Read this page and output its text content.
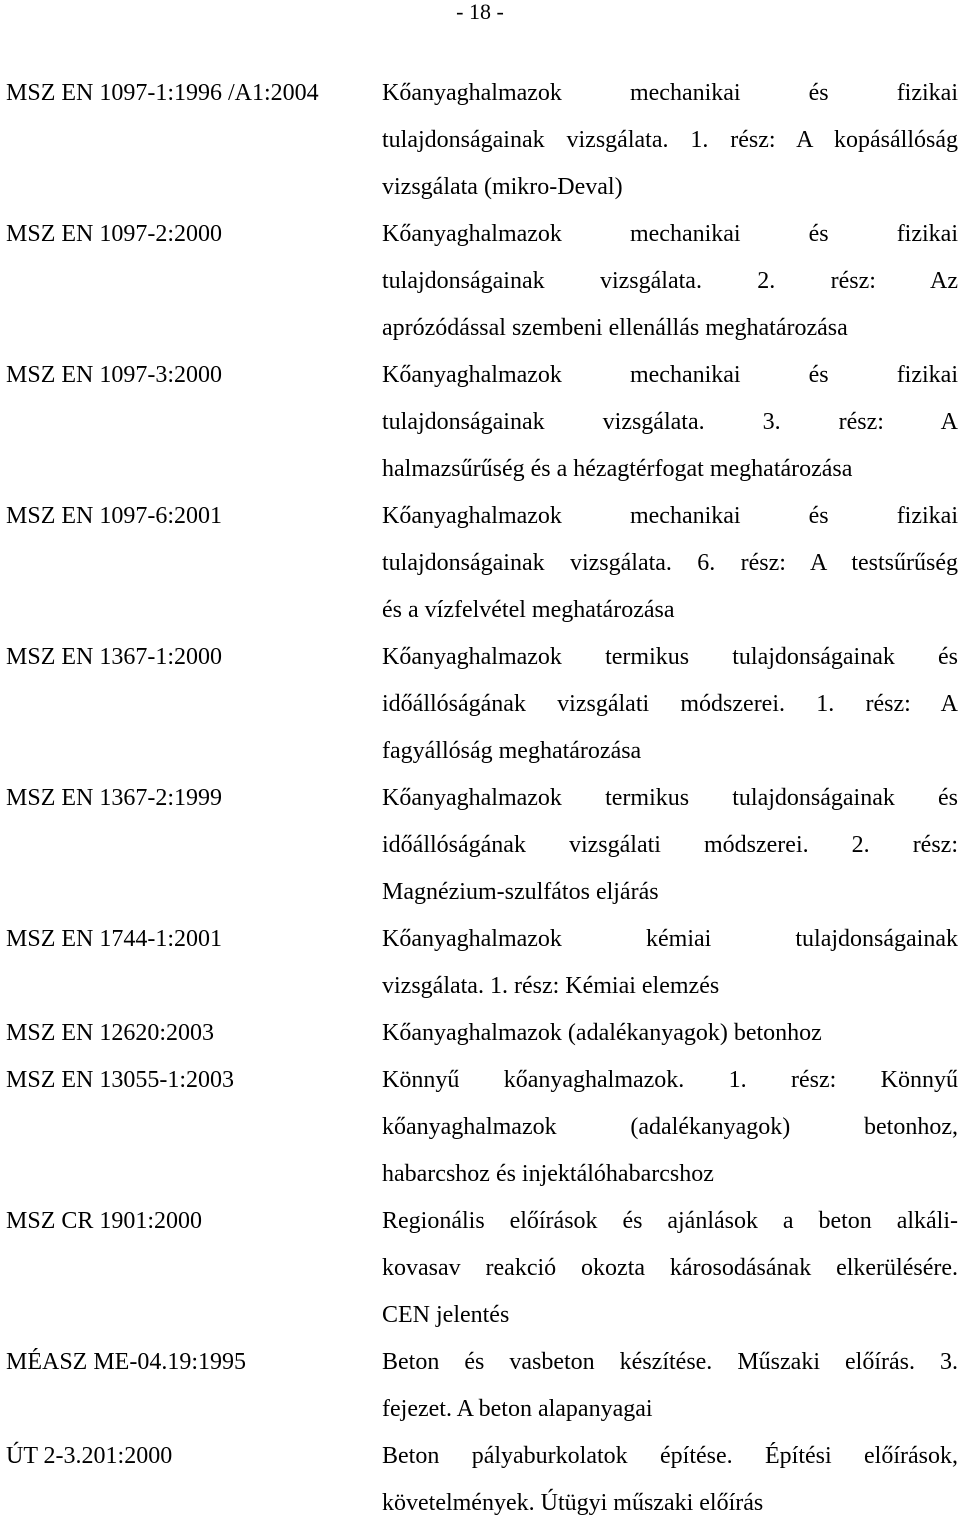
- 18 -
MSZ EN 1097-1:1996 /A1:2004	Kőanyaghalmazok mechanikai és fizikai
tulajdonságainak vizsgálata. 1. rész: A kopásállóság
vizsgálata (mikro-Deval)
MSZ EN 1097-2:2000	Kőanyaghalmazok mechanikai és fizikai
tulajdonságainak vizsgálata. 2. rész: Az
aprózódással szembeni ellenállás meghatározása
MSZ EN 1097-3:2000	Kőanyaghalmazok mechanikai és fizikai
tulajdonságainak vizsgálata. 3. rész: A
halmazsűrűség és a hézagtérfogat meghatározása
MSZ EN 1097-6:2001	Kőanyaghalmazok mechanikai és fizikai
tulajdonságainak vizsgálata. 6. rész: A testsűrűség
és a vízfelvétel meghatározása
MSZ EN 1367-1:2000	Kőanyaghalmazok termikus tulajdonságainak és
időállóságának vizsgálati módszerei. 1. rész: A
fagyállóság meghatározása
MSZ EN 1367-2:1999	Kőanyaghalmazok termikus tulajdonságainak és
időállóságának vizsgálati módszerei. 2. rész:
Magnézium-szulfátos eljárás
MSZ EN 1744-1:2001	Kőanyaghalmazok kémiai tulajdonságainak
vizsgálata. 1. rész: Kémiai elemzés
MSZ EN 12620:2003	Kőanyaghalmazok (adalékanyagok) betonhoz
MSZ EN 13055-1:2003	Könnyű kőanyaghalmazok. 1. rész: Könnyű
kőanyaghalmazok (adalékanyagok) betonhoz,
habarcshoz és injektálóhabarcshoz
MSZ CR 1901:2000	Regionális előírások és ajánlások a beton alkáli-
kovasav reakció okozta károsodásának elkerülésére.
CEN jelentés
MÉASZ ME-04.19:1995	Beton és vasbeton készítése. Műszaki előírás. 3.
fejezet. A beton alapanyagai
ÚT 2-3.201:2000	Beton pályaburkolatok építése. Építési előírások,
követelmények. Útügyi műszaki előírás
